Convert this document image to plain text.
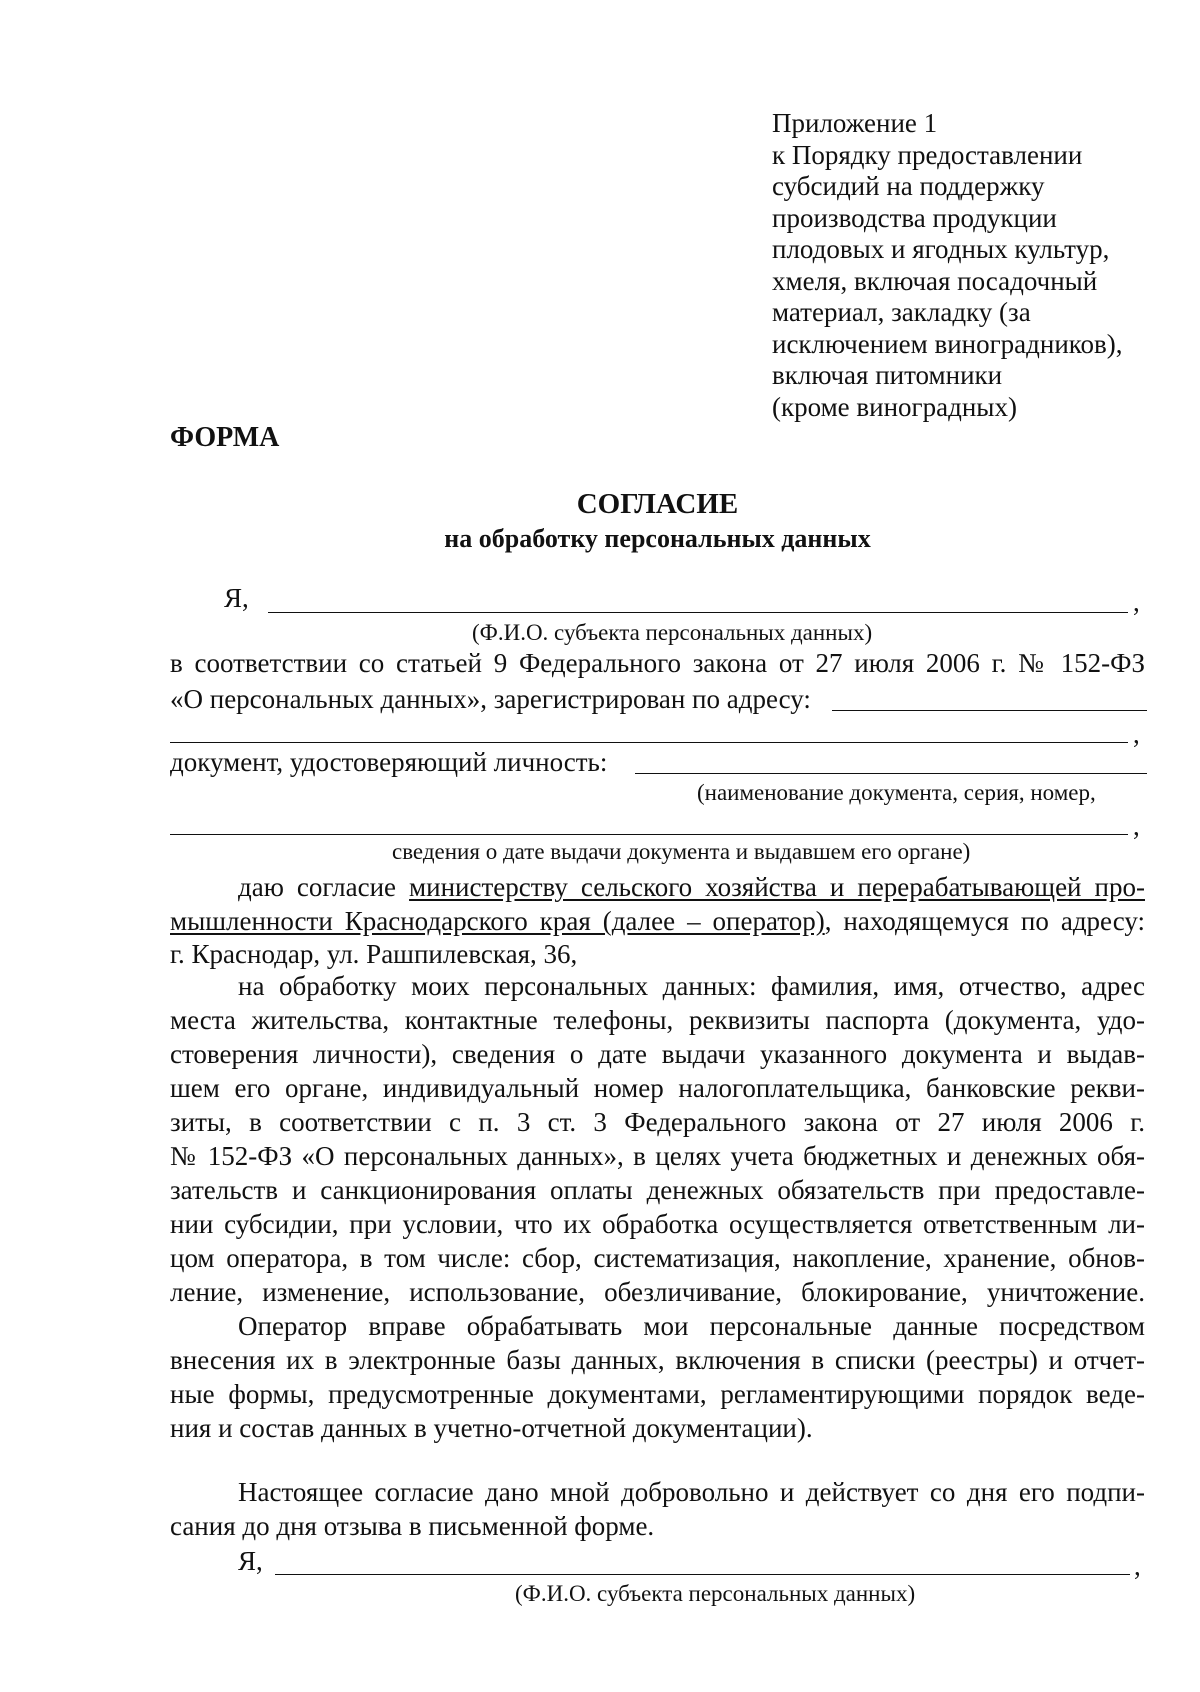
Приложение 1
к Порядку предоставлении
субсидий на поддержку
производства продукции
плодовых и ягодных культур,
хмеля, включая посадочный
материал, закладку (за
исключением виноградников),
включая питомники
(кроме виноградных)
ФОРМА
СОГЛАСИЕ
на обработку персональных данных
Я,	,
(Ф.И.О. субъекта персональных данных)
в соответствии со статьей 9 Федерального закона от 27 июля 2006 г. № 152-ФЗ
«О персональных данных», зарегистрирован по адресу:
,
документ, удостоверяющий личность:
(наименование документа, серия, номер,
,
сведения о дате выдачи документа и выдавшем его органе)
даю согласие министерству сельского хозяйства и перерабатывающей про-
мышленности Краснодарского края (далее – оператор), находящемуся по адресу:
г. Краснодар, ул. Рашпилевская, 36,
на обработку моих персональных данных: фамилия, имя, отчество, адрес
места жительства, контактные телефоны, реквизиты паспорта (документа, удо-
стоверения личности), сведения о дате выдачи указанного документа и выдав-
шем его органе, индивидуальный номер налогоплательщика, банковские рекви-
зиты, в соответствии с п. 3 ст. 3 Федерального закона от 27 июля 2006 г.
№ 152-ФЗ «О персональных данных», в целях учета бюджетных и денежных обя-
зательств и санкционирования оплаты денежных обязательств при предоставле-
нии субсидии, при условии, что их обработка осуществляется ответственным ли-
цом оператора, в том числе: сбор, систематизация, накопление, хранение, обнов-
ление, изменение, использование, обезличивание, блокирование, уничтожение.
Оператор вправе обрабатывать мои персональные данные посредством
внесения их в электронные базы данных, включения в списки (реестры) и отчет-
ные формы, предусмотренные документами, регламентирующими порядок веде-
ния и состав данных в учетно-отчетной документации).
Настоящее согласие дано мной добровольно и действует со дня его подпи-
сания до дня отзыва в письменной форме.
Я,	,
(Ф.И.О. субъекта персональных данных)
